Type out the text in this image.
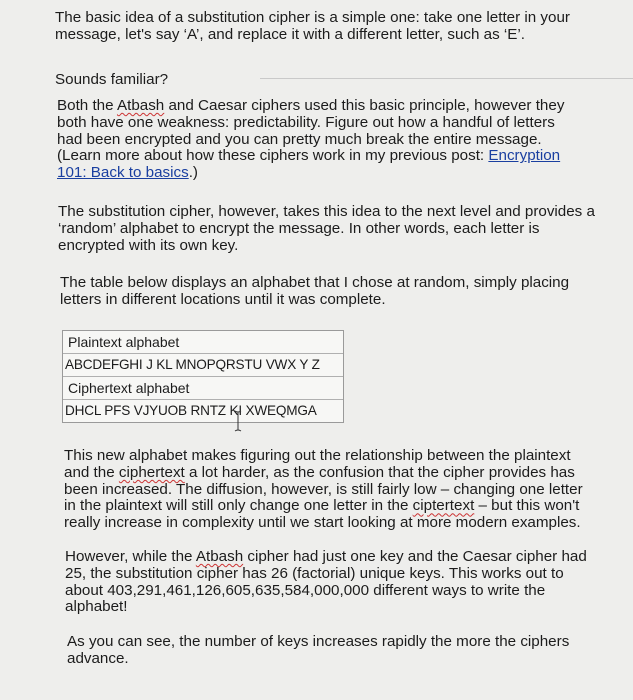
The basic idea of a substitution cipher is a simple one: take one letter in your message, let's say ‘A’, and replace it with a different letter, such as ‘E’.

Sounds familiar?

Both the Atbash and Caesar ciphers used this basic principle, however they both have one weakness: predictability. Figure out how a handful of letters had been encrypted and you can pretty much break the entire message. (Learn more about how these ciphers work in my previous post: Encryption 101: Back to basics.)

The substitution cipher, however, takes this idea to the next level and provides a ‘random’ alphabet to encrypt the message. In other words, each letter is encrypted with its own key.

The table below displays an alphabet that I chose at random, simply placing letters in different locations until it was complete.

Plaintext alphabet
ABCDEFGHI J KL MNOPQRSTU VWX Y Z
Ciphertext alphabet
DHCL PFS VJYUOB RNTZ KI XWEQMGA

This new alphabet makes figuring out the relationship between the plaintext and the ciphertext a lot harder, as the confusion that the cipher provides has been increased. The diffusion, however, is still fairly low – changing one letter in the plaintext will still only change one letter in the ciptertext – but this won't really increase in complexity until we start looking at more modern examples.

However, while the Atbash cipher had just one key and the Caesar cipher had 25, the substitution cipher has 26 (factorial) unique keys. This works out to about 403,291,461,126,605,635,584,000,000 different ways to write the alphabet!

As you can see, the number of keys increases rapidly the more the ciphers advance.
